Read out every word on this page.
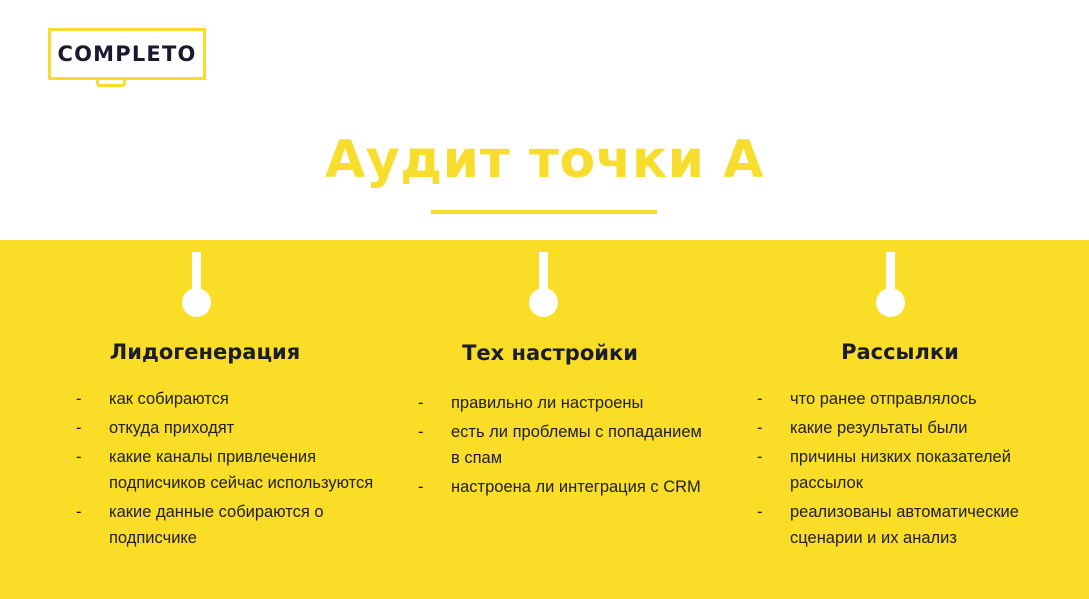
COMPLETO
Аудит точки А
Лидогенерация
- как собираются
- откуда приходят
- какие каналы привлечения подписчиков сейчас используются
- какие данные собираются о подписчике
Тех настройки
- правильно ли настроены
- есть ли проблемы с попаданием в спам
- настроена ли интеграция с CRM
Рассылки
- что ранее отправлялось
- какие результаты были
- причины низких показателей рассылок
- реализованы автоматические сценарии и их анализ
